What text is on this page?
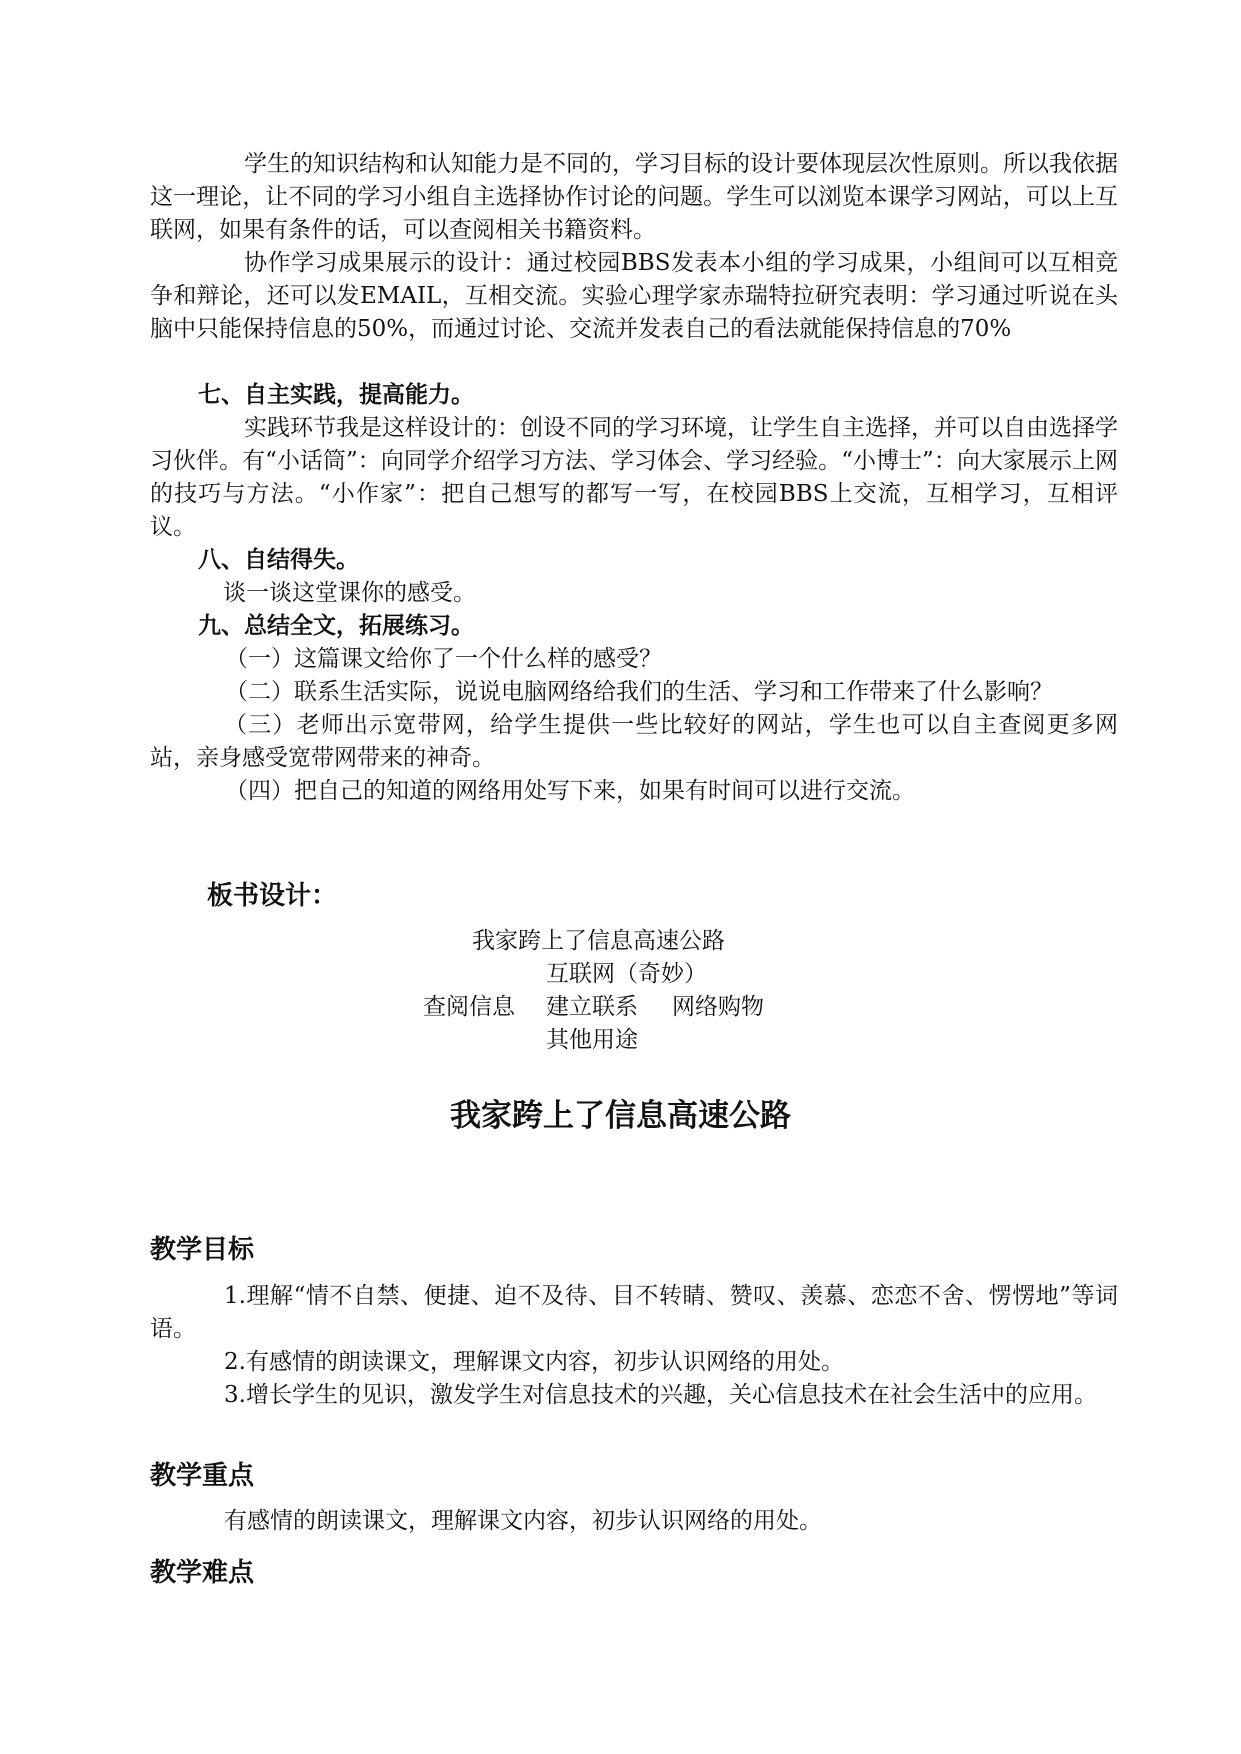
学生的知识结构和认知能力是不同的，学习目标的设计要体现层次性原则。所以我依据这一理论，让不同的学习小组自主选择协作讨论的问题。学生可以浏览本课学习网站，可以上互联网，如果有条件的话，可以查阅相关书籍资料。

协作学习成果展示的设计：通过校园BBS发表本小组的学习成果，小组间可以互相竞争和辩论，还可以发EMAIL，互相交流。实验心理学家赤瑞特拉研究表明：学习通过听说在头脑中只能保持信息的50%，而通过讨论、交流并发表自己的看法就能保持信息的70%

七、自主实践，提高能力。

实践环节我是这样设计的：创设不同的学习环境，让学生自主选择，并可以自由选择学习伙伴。有“小话筒”：向同学介绍学习方法、学习体会、学习经验。“小博士”：向大家展示上网的技巧与方法。“小作家”：把自己想写的都写一写，在校园BBS上交流，互相学习，互相评议。

八、自结得失。

谈一谈这堂课你的感受。

九、总结全文，拓展练习。

（一）这篇课文给你了一个什么样的感受？

（二）联系生活实际，说说电脑网络给我们的生活、学习和工作带来了什么影响？

（三）老师出示宽带网，给学生提供一些比较好的网站，学生也可以自主查阅更多网站，亲身感受宽带网带来的神奇。

（四）把自己的知道的网络用处写下来，如果有时间可以进行交流。

板书设计：

我家跨上了信息高速公路

互联网（奇妙）

查阅信息 建立联系 网络购物

其他用途

我家跨上了信息高速公路

教学目标

1.理解“情不自禁、便捷、迫不及待、目不转睛、赞叹、羡慕、恋恋不舍、愣愣地”等词语。

2.有感情的朗读课文，理解课文内容，初步认识网络的用处。

3.增长学生的见识，激发学生对信息技术的兴趣，关心信息技术在社会生活中的应用。

教学重点

有感情的朗读课文，理解课文内容，初步认识网络的用处。

教学难点
